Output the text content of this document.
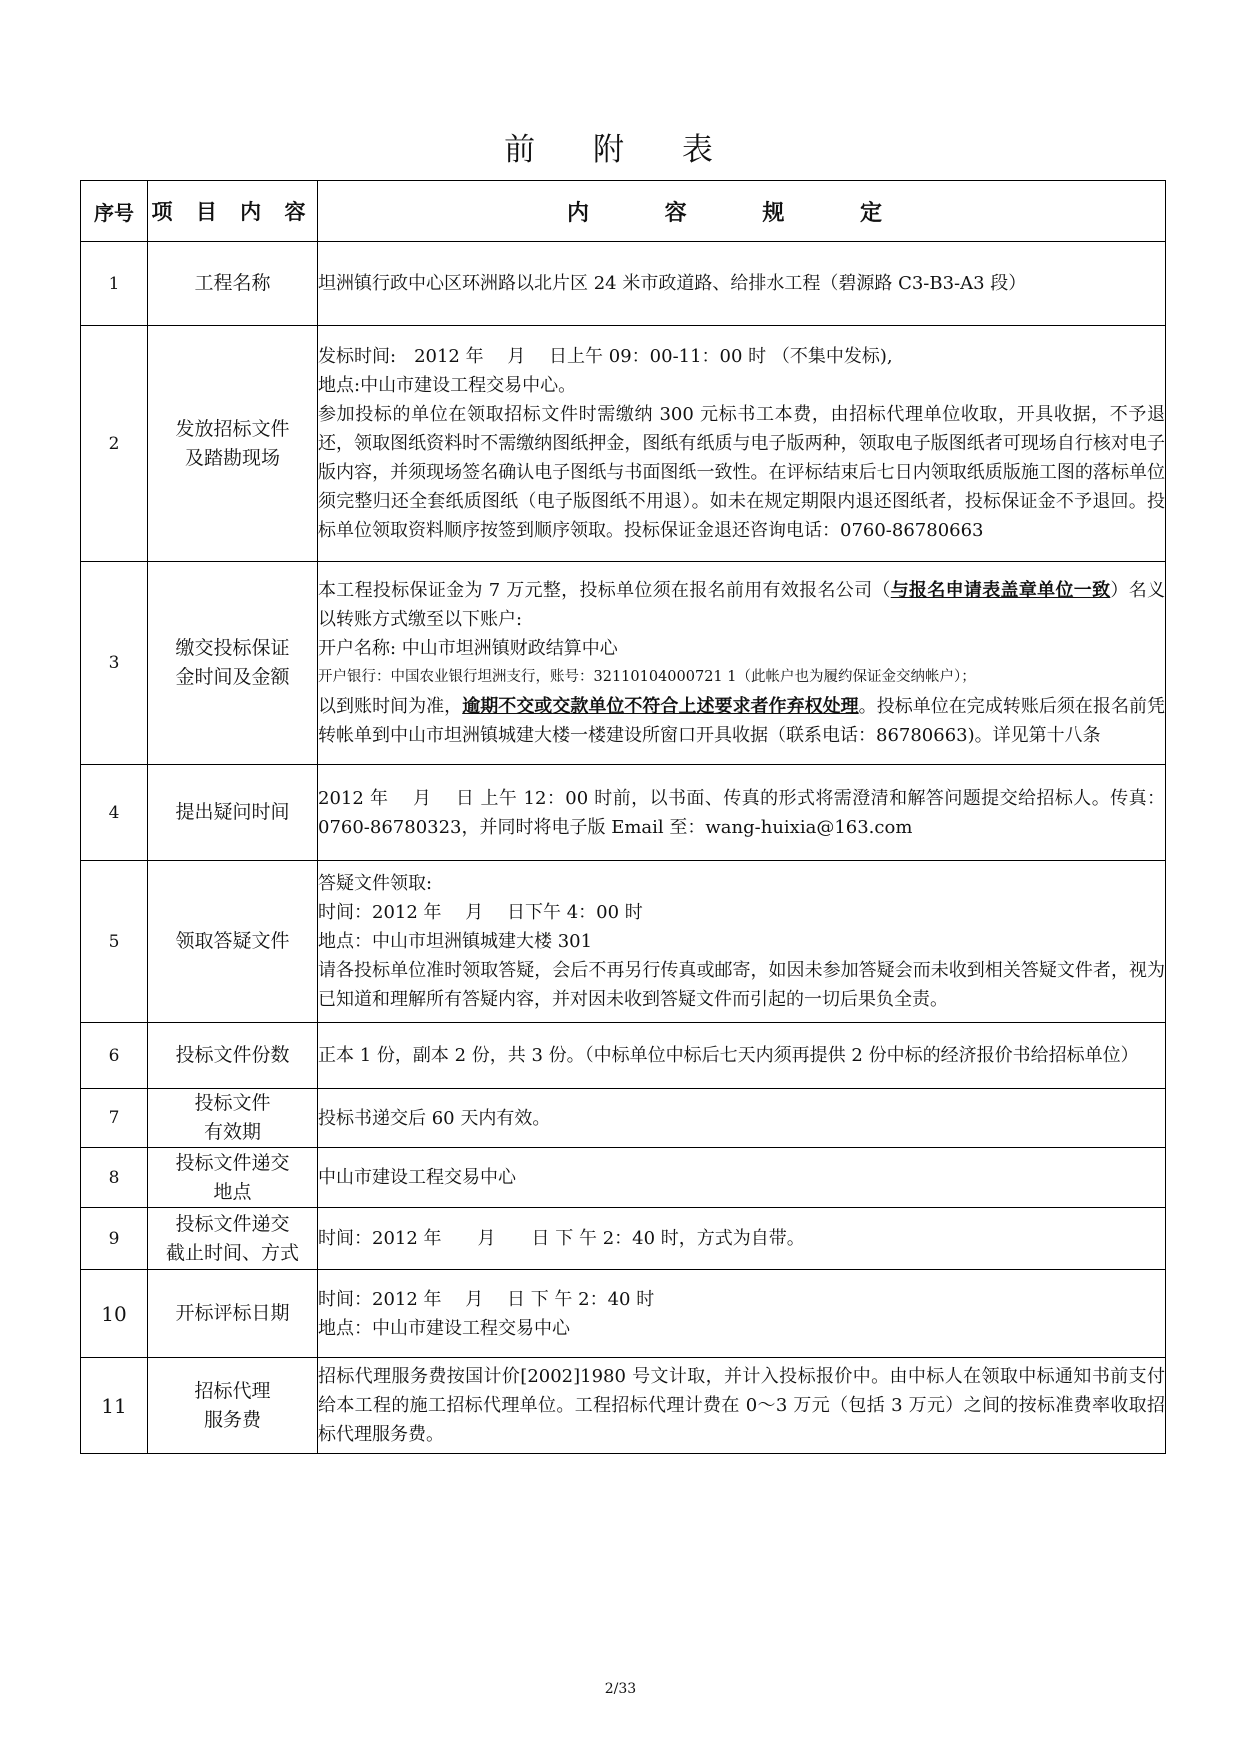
前 附 表
序号	项 目 内 容	内 容 规 定
1	工程名称	坦洲镇行政中心区环洲路以北片区 24 米市政道路、给排水工程（碧源路 C3-B3-A3 段）

2	发放招标文件
及踏勘现场	发标时间:　2012 年　 月　 日上午 09：00-11：00 时 （不集中发标),
地点:中山市建设工程交易中心。
参加投标的单位在领取招标文件时需缴纳 300 元标书工本费，由招标代理单位收取，开具收据，不予退还，领取图纸资料时不需缴纳图纸押金，图纸有纸质与电子版两种，领取电子版图纸者可现场自行核对电子版内容，并须现场签名确认电子图纸与书面图纸一致性。在评标结束后七日内领取纸质版施工图的落标单位须完整归还全套纸质图纸（电子版图纸不用退）。如未在规定期限内退还图纸者，投标保证金不予退回。投标单位领取资料顺序按签到顺序领取。投标保证金退还咨询电话：0760-86780663

3	缴交投标保证
金时间及金额	本工程投标保证金为 7 万元整，投标单位须在报名前用有效报名公司（与报名申请表盖章单位一致）名义以转账方式缴至以下账户:
开户名称: 中山市坦洲镇财政结算中心
开户银行：中国农业银行坦洲支行，账号：32110104000721 1（此帐户也为履约保证金交纳帐户）；
以到账时间为准，逾期不交或交款单位不符合上述要求者作弃权处理。投标单位在完成转账后须在报名前凭转帐单到中山市坦洲镇城建大楼一楼建设所窗口开具收据（联系电话：86780663)。详见第十八条

4	提出疑问时间	2012 年　 月　 日 上午 12：00 时前，以书面、传真的形式将需澄清和解答问题提交给招标人。传真：0760-86780323，并同时将电子版 Email 至：wang-huixia@163.com

5	领取答疑文件	答疑文件领取:
时间：2012 年　 月　 日下午 4：00 时
地点：中山市坦洲镇城建大楼 301
请各投标单位准时领取答疑，会后不再另行传真或邮寄，如因未参加答疑会而未收到相关答疑文件者，视为已知道和理解所有答疑内容，并对因未收到答疑文件而引起的一切后果负全责。

6	投标文件份数	正本 1 份，副本 2 份，共 3 份。（中标单位中标后七天内须再提供 2 份中标的经济报价书给招标单位）

7	投标文件
有效期	投标书递交后 60 天内有效。

8	投标文件递交
地点	中山市建设工程交易中心

9	投标文件递交
截止时间、方式	时间：2012 年　　月　　日 下 午 2：40 时，方式为自带。

10	开标评标日期	时间：2012 年　 月　 日 下 午 2：40 时
地点：中山市建设工程交易中心

11	招标代理
服务费	招标代理服务费按国计价[2002]1980 号文计取，并计入投标报价中。由中标人在领取中标通知书前支付给本工程的施工招标代理单位。工程招标代理计费在 0～3 万元（包括 3 万元）之间的按标准费率收取招标代理服务费。
2/33
